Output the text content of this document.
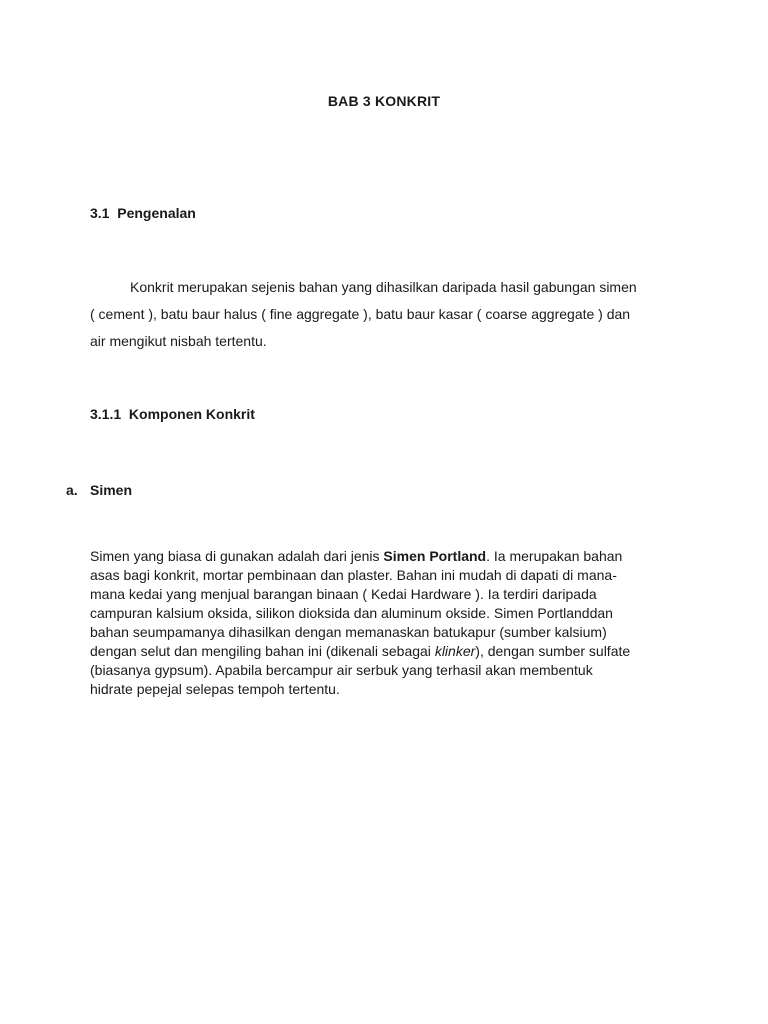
BAB 3 KONKRIT
3.1 Pengenalan
Konkrit merupakan sejenis bahan yang dihasilkan daripada hasil gabungan simen
( cement ), batu baur halus ( fine aggregate ), batu baur kasar ( coarse aggregate ) dan
air mengikut nisbah tertentu.
3.1.1 Komponen Konkrit
a. Simen
Simen yang biasa di gunakan adalah dari jenis Simen Portland. Ia merupakan bahan
asas bagi konkrit, mortar pembinaan dan plaster. Bahan ini mudah di dapati di mana-
mana kedai yang menjual barangan binaan ( Kedai Hardware ). Ia terdiri daripada
campuran kalsium oksida, silikon dioksida dan aluminum okside. Simen Portlanddan
bahan seumpamanya dihasilkan dengan memanaskan batukapur (sumber kalsium)
dengan selut dan mengiling bahan ini (dikenali sebagai klinker), dengan sumber sulfate
(biasanya gypsum). Apabila bercampur air serbuk yang terhasil akan membentuk
hidrate pepejal selepas tempoh tertentu.
